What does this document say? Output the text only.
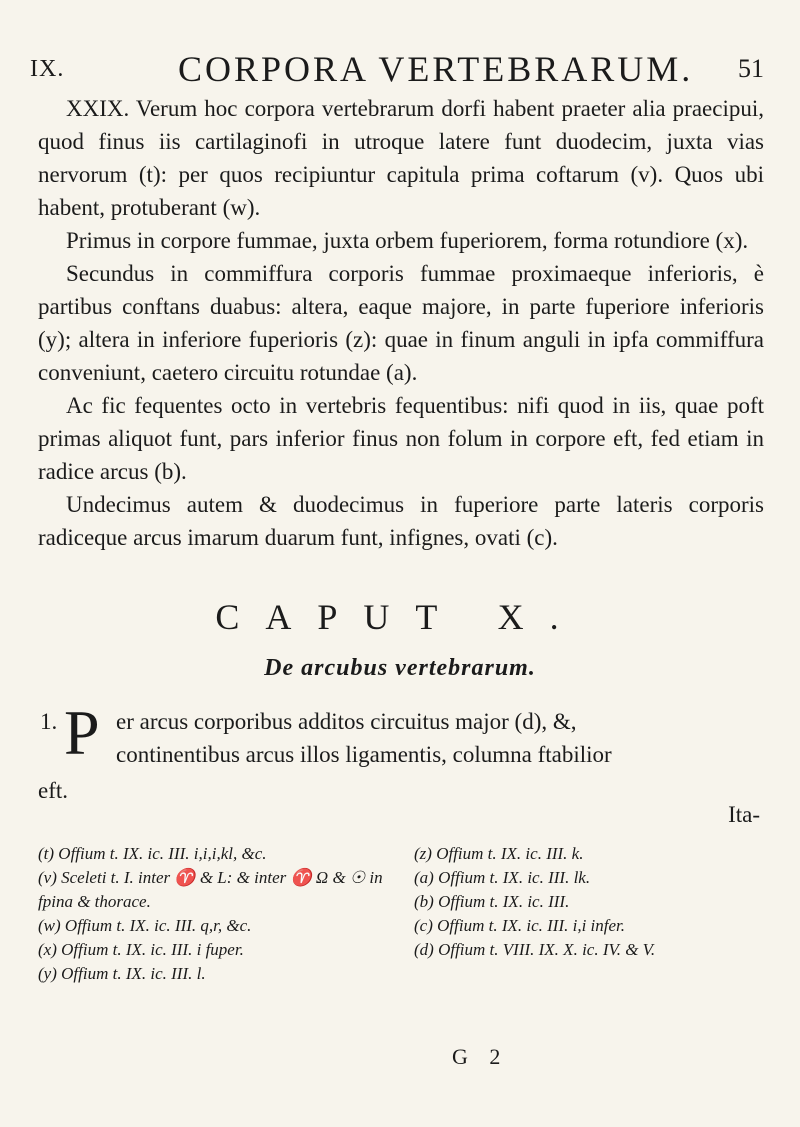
IX.	CORPORA VERTEBRARUM. 51

XXIX. Verum hoc corpora vertebrarum dorfi habent praeter alia praecipui, quod finus iis cartilaginofi in utroque latere funt duodecim, juxta vias nervorum (t): per quos recipiuntur capitula prima coftarum (v). Quos ubi habent, protuberant (w).

Primus in corpore fummae, juxta orbem fuperiorem, forma rotundiore (x).

Secundus in commiffura corporis fummae proximaeque inferioris, è partibus conftans duabus: altera, eaque majore, in parte fuperiore inferioris (y); altera in inferiore fuperioris (z): quae in finum anguli in ipfa commiffura conveniunt, caetero circuitu rotundae (a).

Ac fic fequentes octo in vertebris fequentibus: nifi quod in iis, quae poft primas aliquot funt, pars inferior finus non folum in corpore eft, fed etiam in radice arcus (b).

Undecimus autem & duodecimus in fuperiore parte lateris corporis radiceque arcus imarum duarum funt, infignes, ovati (c).

CAPUT X.
De arcubus vertebrarum.
1. P er arcus corporibus additos circuitus major (d), &,
continentibus arcus illos ligamentis, columna ftabilior
eft.
Ita-

(t) Offium t. IX. ic. III. i,i,i,kl, &c.

(v) Sceleti t. I. inter ♈ & L: & inter ♈ Ω & ☉ in fpina & thorace.

(w) Offium t. IX. ic. III. q,r, &c.

(x) Offium t. IX. ic. III. i fuper.

(y) Offium t. IX. ic. III. l.

(z) Offium t. IX. ic. III. k.

(a) Offium t. IX. ic. III. lk.

(b) Offium t. IX. ic. III.

(c) Offium t. IX. ic. III. i,i infer.

(d) Offium t. VIII. IX. X. ic. IV. & V.

G 2
